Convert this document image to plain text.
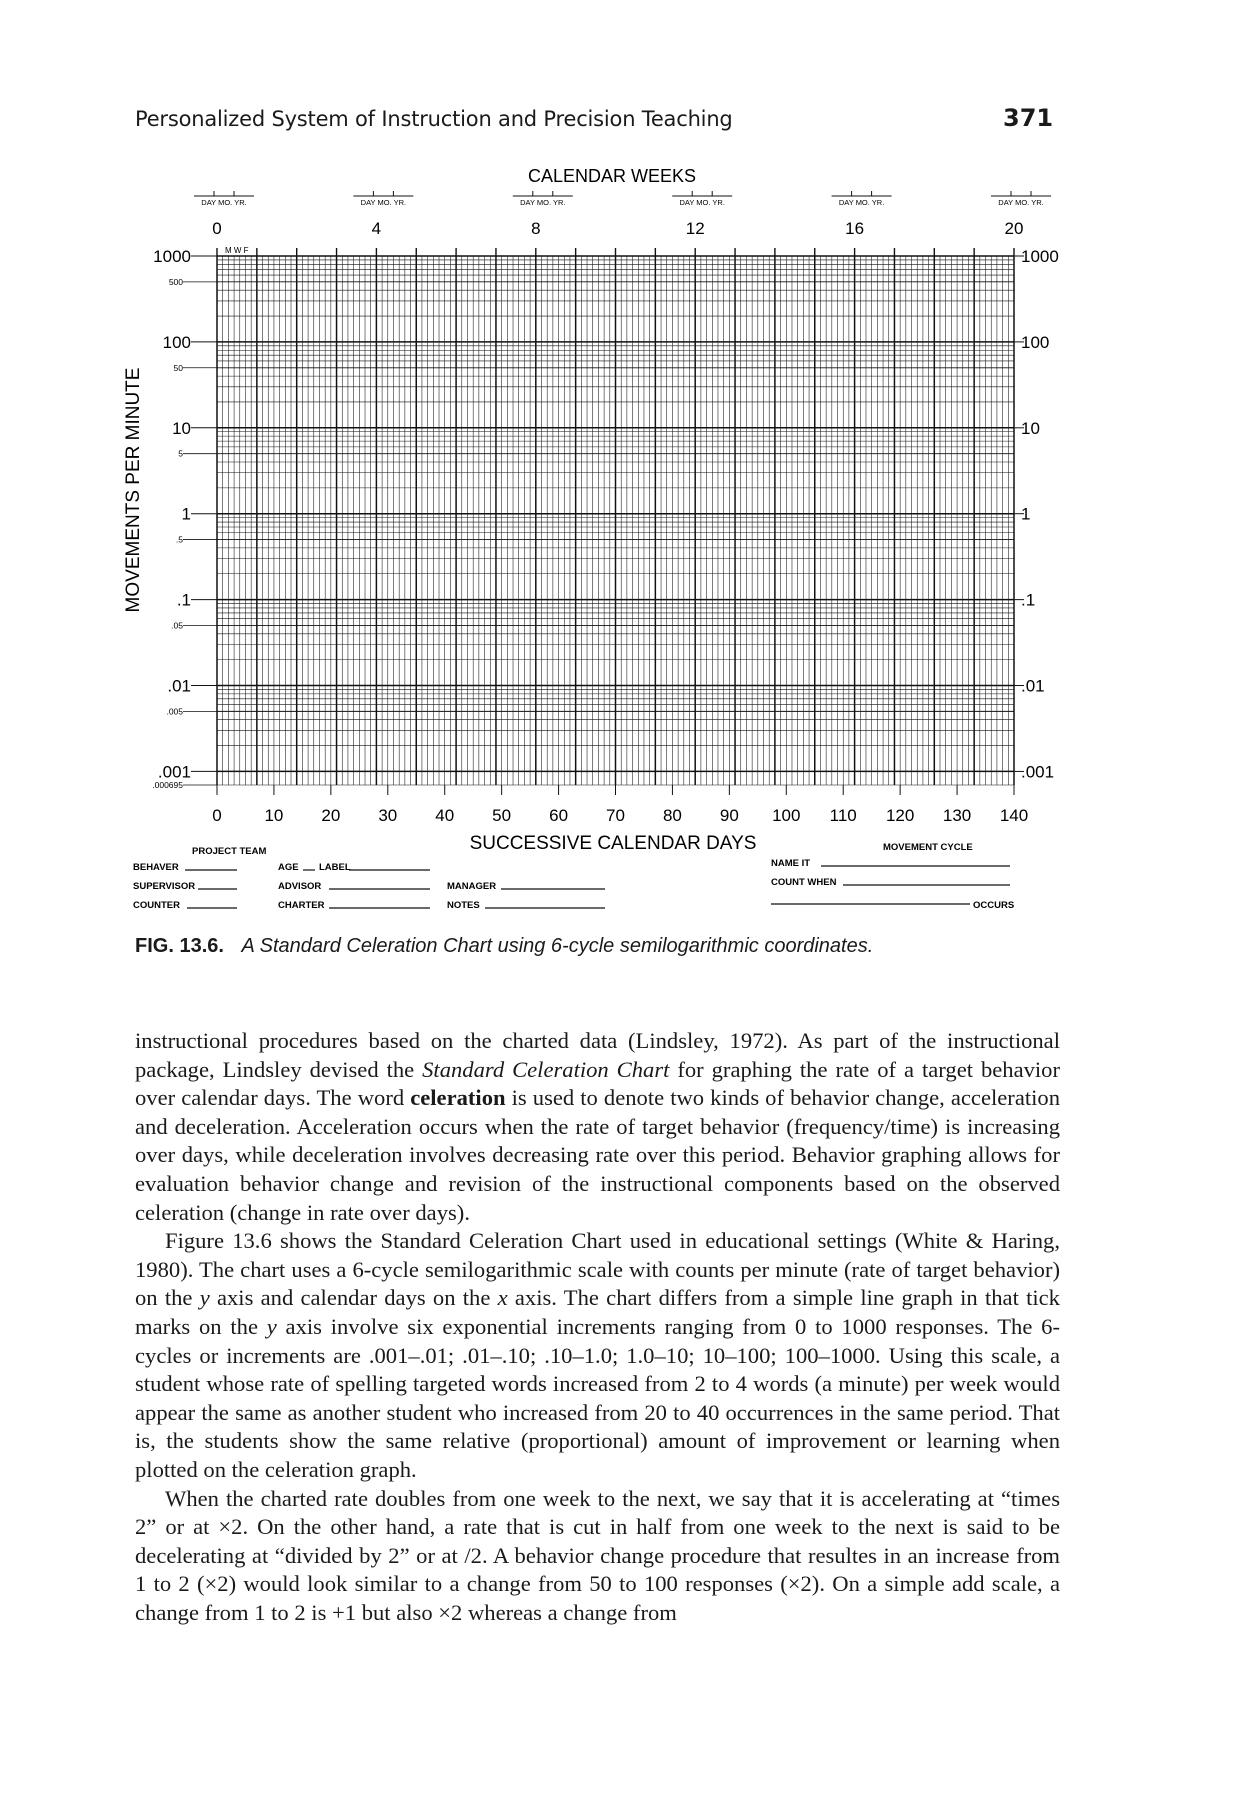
Personalized System of Instruction and Precision Teaching	371
CALENDAR WEEKS
DAY MO. YR.
0
DAY MO. YR.
4
DAY MO. YR.
8
DAY MO. YR.
12
DAY MO. YR.
16
DAY MO. YR.
20
M W F
1000
100
10
1
.1
.01
.001
500
50
5
.5
.05
.005
.000695
1000
100
10
1
.1
.01
.001
0	10 20 30 40 50 60 70 80 90 100 110 120 130 140
MOVEMENTS PER MINUTE
SUCCESSIVE CALENDAR DAYS
PROJECT TEAM	MOVEMENT CYCLE
BEHAVER	AGE LABEL	NAME IT
SUPERVISOR	ADVISOR	MANAGER	COUNT WHEN
COUNTER	CHARTER	NOTES	OCCURS
FIG. 13.6. A Standard Celeration Chart using 6-cycle semilogarithmic coordinates.

instructional procedures based on the charted data (Lindsley, 1972). As part of the instructional package, Lindsley devised the Standard Celeration Chart for graphing the rate of a target behavior over calendar days. The word celeration is used to denote two kinds of behavior change, acceleration and deceleration. Acceleration occurs when the rate of target behavior (frequency/time) is increasing over days, while deceleration involves decreasing rate over this period. Behavior graphing allows for evaluation behavior change and revision of the instructional components based on the observed celeration (change in rate over days).

Figure 13.6 shows the Standard Celeration Chart used in educational settings (White & Haring, 1980). The chart uses a 6-cycle semilogarithmic scale with counts per minute (rate of target behavior) on the y axis and calendar days on the x axis. The chart differs from a simple line graph in that tick marks on the y axis involve six exponential increments ranging from 0 to 1000 responses. The 6-cycles or increments are .001–.01; .01–.10; .10–1.0; 1.0–10; 10–100; 100–1000. Using this scale, a student whose rate of spelling targeted words increased from 2 to 4 words (a minute) per week would appear the same as another student who increased from 20 to 40 occurrences in the same period. That is, the students show the same relative (proportional) amount of improvement or learning when plotted on the celeration graph.

When the charted rate doubles from one week to the next, we say that it is accelerating at “times 2” or at ×2. On the other hand, a rate that is cut in half from one week to the next is said to be decelerating at “divided by 2” or at /2. A behavior change procedure that resultes in an increase from 1 to 2 (×2) would look similar to a change from 50 to 100 responses (×2). On a simple add scale, a change from 1 to 2 is +1 but also ×2 whereas a change from
